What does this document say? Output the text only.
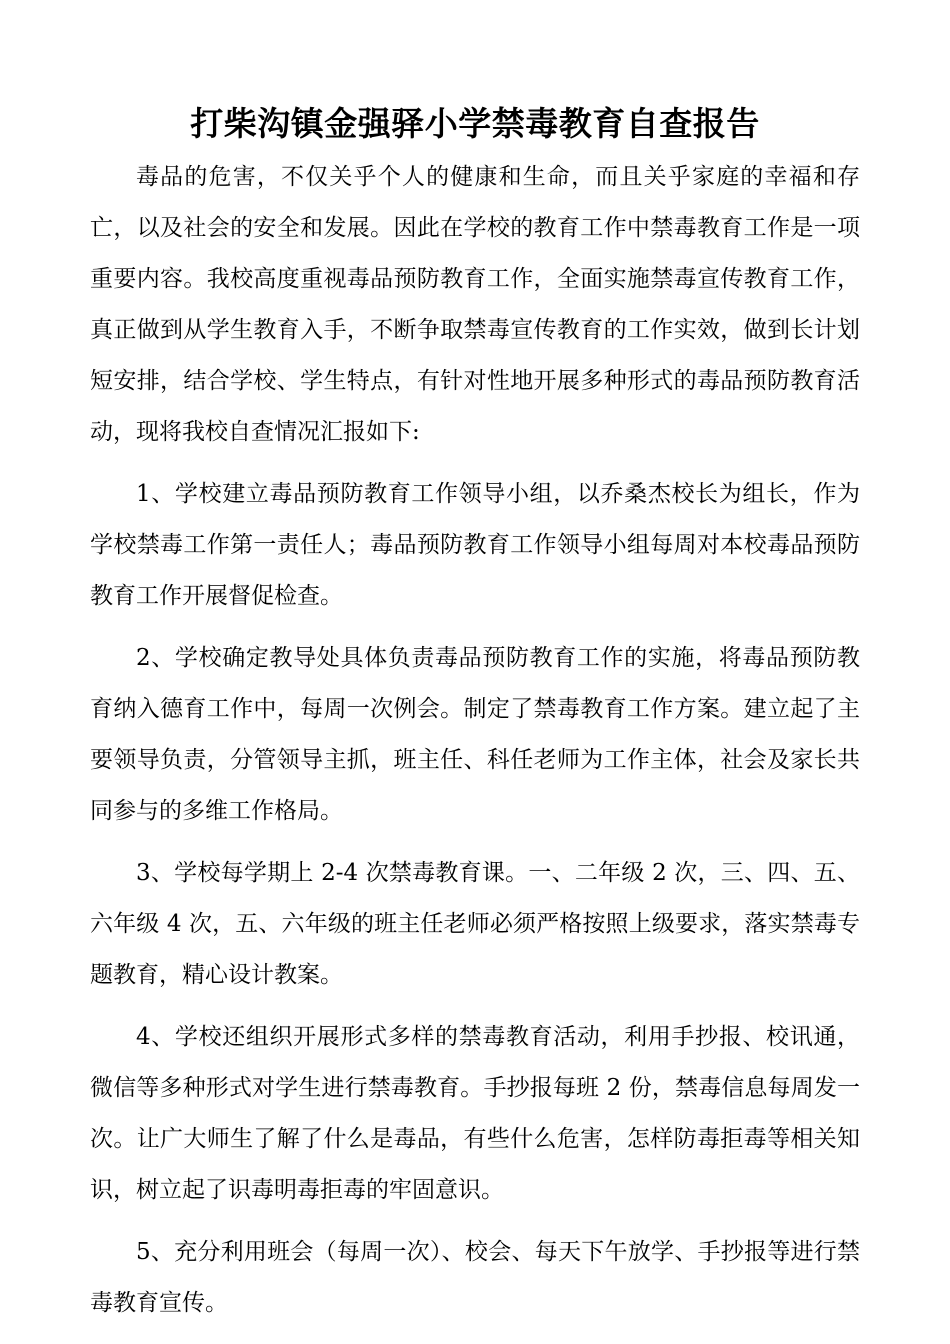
打柴沟镇金强驿小学禁毒教育自查报告

毒品的危害，不仅关乎个人的健康和生命，而且关乎家庭的幸福和存亡，以及社会的安全和发展。因此在学校的教育工作中禁毒教育工作是一项重要内容。我校高度重视毒品预防教育工作，全面实施禁毒宣传教育工作，真正做到从学生教育入手，不断争取禁毒宣传教育的工作实效，做到长计划短安排，结合学校、学生特点，有针对性地开展多种形式的毒品预防教育活动，现将我校自查情况汇报如下:

1、学校建立毒品预防教育工作领导小组，以乔桑杰校长为组长，作为学校禁毒工作第一责任人；毒品预防教育工作领导小组每周对本校毒品预防教育工作开展督促检查。

2、学校确定教导处具体负责毒品预防教育工作的实施，将毒品预防教育纳入德育工作中，每周一次例会。制定了禁毒教育工作方案。建立起了主要领导负责，分管领导主抓，班主任、科任老师为工作主体，社会及家长共同参与的多维工作格局。

3、学校每学期上 2-4 次禁毒教育课。一、二年级 2 次，三、四、五、六年级 4 次，五、六年级的班主任老师必须严格按照上级要求，落实禁毒专题教育，精心设计教案。

4、学校还组织开展形式多样的禁毒教育活动，利用手抄报、校讯通，微信等多种形式对学生进行禁毒教育。手抄报每班 2 份，禁毒信息每周发一次。让广大师生了解了什么是毒品，有些什么危害，怎样防毒拒毒等相关知识，树立起了识毒明毒拒毒的牢固意识。

5、充分利用班会（每周一次）、校会、每天下午放学、手抄报等进行禁毒教育宣传。
